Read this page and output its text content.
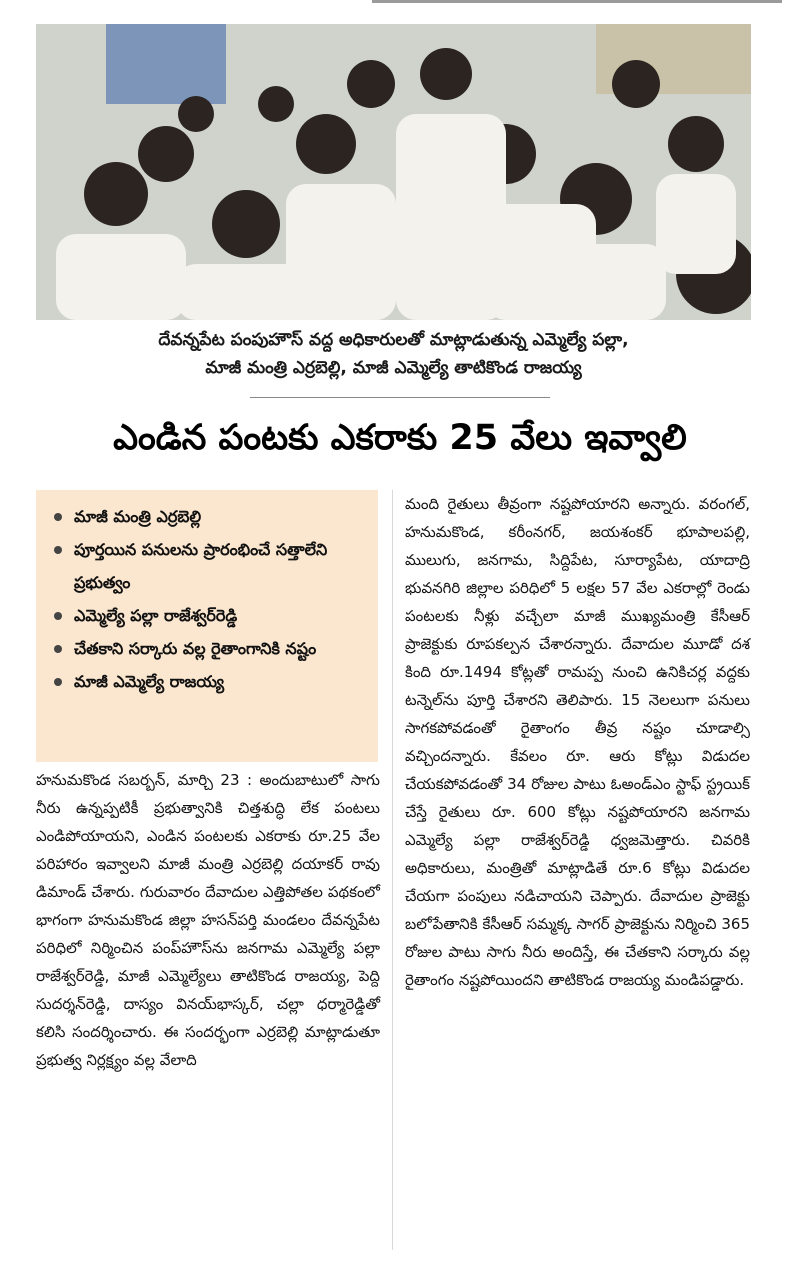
దేవన్నపేట పంపుహౌస్ వద్ద అధికారులతో మాట్లాడుతున్న ఎమ్మెల్యే పల్లా,
మాజీ మంత్రి ఎర్రబెల్లి, మాజీ ఎమ్మెల్యే తాటికొండ రాజయ్య
ఎండిన పంటకు ఎకరాకు 25 వేలు ఇవ్వాలి
మాజీ మంత్రి ఎర్రబెల్లి
పూర్తయిన పనులను ప్రారంభించే సత్తాలేని ప్రభుత్వం
ఎమ్మెల్యే పల్లా రాజేశ్వర్‌రెడ్డి
చేతకాని సర్కారు వల్ల రైతాంగానికి నష్టం
మాజీ ఎమ్మెల్యే రాజయ్య

హనుమకొండ సబర్బన్, మార్చి 23 : అందుబాటులో సాగు నీరు ఉన్నప్పటికీ ప్రభుత్వానికి చిత్తశుద్ధి లేక పంటలు ఎండిపోయాయని, ఎండిన పంటలకు ఎకరాకు రూ.25 వేల పరిహారం ఇవ్వాలని మాజీ మంత్రి ఎర్రబెల్లి దయాకర్ రావు డిమాండ్ చేశారు. గురువారం దేవాదుల ఎత్తిపోతల పథకంలో భాగంగా హనుమకొండ జిల్లా హసన్‌పర్తి మండలం దేవన్నపేట పరిధిలో నిర్మించిన పంప్‌హౌస్‌ను జనగామ ఎమ్మెల్యే పల్లా రాజేశ్వర్‌రెడ్డి, మాజీ ఎమ్మెల్యేలు తాటికొండ రాజయ్య, పెద్ది సుదర్శన్‌రెడ్డి, దాస్యం వినయ్‌భాస్కర్, చల్లా ధర్మారెడ్డితో కలిసి సందర్శించారు. ఈ సందర్భంగా ఎర్రబెల్లి మాట్లాడుతూ ప్రభుత్వ నిర్లక్ష్యం వల్ల వేలాది

మంది రైతులు తీవ్రంగా నష్టపోయారని అన్నారు. వరంగల్, హనుమకొండ, కరీంనగర్, జయశంకర్ భూపాలపల్లి, ములుగు, జనగామ, సిద్దిపేట, సూర్యాపేట, యాదాద్రి భువనగిరి జిల్లాల పరిధిలో 5 లక్షల 57 వేల ఎకరాల్లో రెండు పంటలకు నీళ్లు వచ్చేలా మాజీ ముఖ్యమంత్రి కేసీఆర్ ప్రాజెక్టుకు రూపకల్పన చేశారన్నారు. దేవాదుల మూడో దశ కింది రూ.1494 కోట్లతో రామప్ప నుంచి ఉనికిచర్ల వద్దకు టన్నెల్‌ను పూర్తి చేశారని తెలిపారు. 15 నెలలుగా పనులు సాగకపోవడంతో రైతాంగం తీవ్ర నష్టం చూడాల్సి వచ్చిందన్నారు. కేవలం రూ. ఆరు కోట్లు విడుదల చేయకపోవడంతో 34 రోజుల పాటు ఓఅండ్‌ఎం స్టాఫ్ స్ట్రయిక్ చేస్తే రైతులు రూ. 600 కోట్లు నష్టపోయారని జనగామ ఎమ్మెల్యే పల్లా రాజేశ్వర్‌రెడ్డి ధ్వజమెత్తారు. చివరికి అధికారులు, మంత్రితో మాట్లాడితే రూ.6 కోట్లు విడుదల చేయగా పంపులు నడిచాయని చెప్పారు. దేవాదుల ప్రాజెక్టు బలోపేతానికి కేసీఆర్ సమ్మక్క సాగర్ ప్రాజెక్టును నిర్మించి 365 రోజుల పాటు సాగు నీరు అందిస్తే, ఈ చేతకాని సర్కారు వల్ల రైతాంగం నష్టపోయిందని తాటికొండ రాజయ్య మండిపడ్డారు.
